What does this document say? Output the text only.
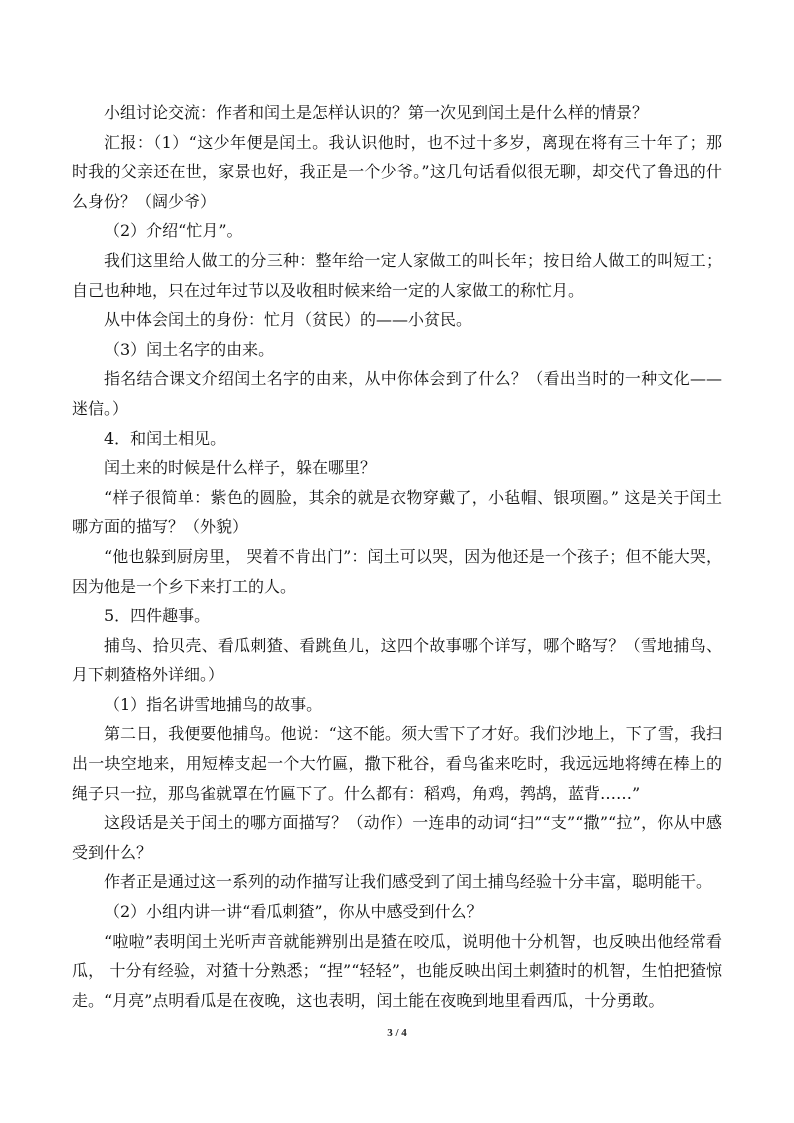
小组讨论交流：作者和闰土是怎样认识的？第一次见到闰土是什么样的情景？

汇报：（1）“这少年便是闰土。我认识他时，也不过十多岁，离现在将有三十年了；那时我的父亲还在世，家景也好，我正是一个少爷。”这几句话看似很无聊，却交代了鲁迅的什么身份？（阔少爷）

（2）介绍“忙月”。

我们这里给人做工的分三种：整年给一定人家做工的叫长年；按日给人做工的叫短工；自己也种地，只在过年过节以及收租时候来给一定的人家做工的称忙月。

从中体会闰土的身份：忙月（贫民）的——小贫民。

（3）闰土名字的由来。

指名结合课文介绍闰土名字的由来，从中你体会到了什么？（看出当时的一种文化——迷信。）

4．和闰土相见。

闰土来的时候是什么样子，躲在哪里？

“样子很简单：紫色的圆脸，其余的就是衣物穿戴了，小毡帽、银项圈。” 这是关于闰土哪方面的描写？（外貌）

“他也躲到厨房里， 哭着不肯出门”：闰土可以哭，因为他还是一个孩子；但不能大哭， 因为他是一个乡下来打工的人。

5．四件趣事。

捕鸟、拾贝壳、看瓜刺猹、看跳鱼儿，这四个故事哪个详写，哪个略写？（雪地捕鸟、月下刺猹格外详细。）

（1）指名讲雪地捕鸟的故事。

第二日，我便要他捕鸟。他说：“这不能。须大雪下了才好。我们沙地上，下了雪，我扫出一块空地来，用短棒支起一个大竹匾，撒下秕谷，看鸟雀来吃时，我远远地将缚在棒上的绳子只一拉，那鸟雀就罩在竹匾下了。什么都有：稻鸡，角鸡，鹁鸪，蓝背……”

这段话是关于闰土的哪方面描写？（动作）一连串的动词“扫”“支”“撒”“拉”，你从中感受到什么？

作者正是通过这一系列的动作描写让我们感受到了闰土捕鸟经验十分丰富，聪明能干。

（2）小组内讲一讲“看瓜刺猹”，你从中感受到什么？

“啦啦”表明闰土光听声音就能辨别出是猹在咬瓜，说明他十分机智，也反映出他经常看瓜， 十分有经验，对猹十分熟悉；“捏”“轻轻”，也能反映出闰土刺猹时的机智，生怕把猹惊走。“月亮”点明看瓜是在夜晚，这也表明，闰土能在夜晚到地里看西瓜，十分勇敢。

3 / 4
